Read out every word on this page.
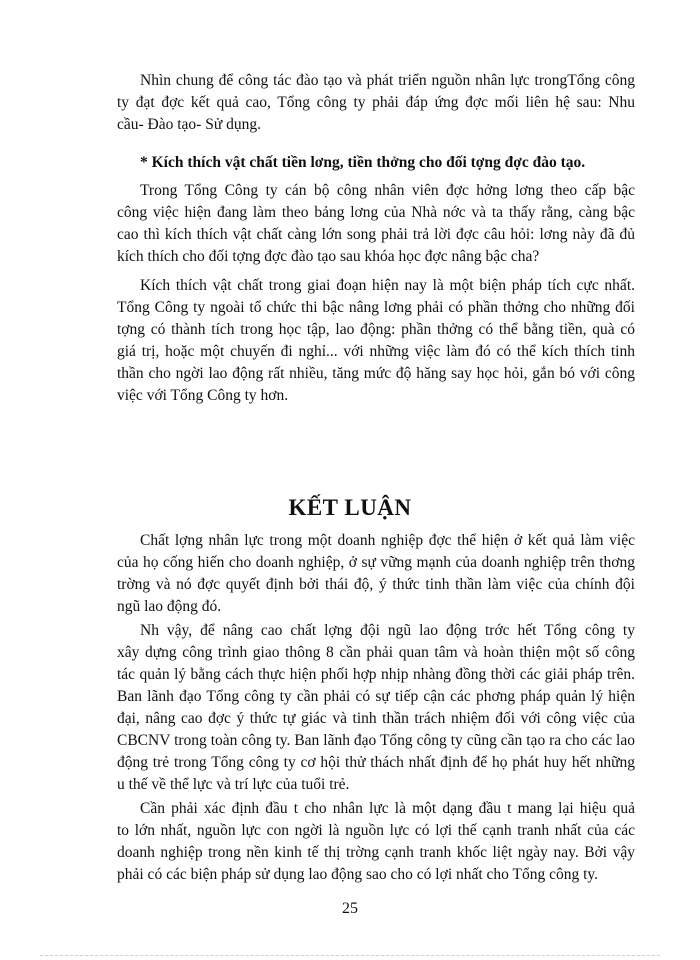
Nhìn chung để công tác đào tạo và phát triển nguồn nhân lực trongTổng công
ty đạt đợc kết quả cao, Tổng công ty phải đáp ứng đợc mối liên hệ sau: Nhu
cầu- Đào tạo- Sử dụng.
* Kích thích vật chất tiền lơng, tiền thởng cho đối tợng đợc đào tạo.
Trong Tổng Công ty cán bộ công nhân viên đợc hởng lơng theo cấp bậc
công việc hiện đang làm theo bảng lơng của Nhà nớc và ta thấy rằng, càng bậc
cao thì kích thích vật chất càng lớn song phải trả lời đợc câu hỏi: lơng này đã đủ
kích thích cho đối tợng đợc đào tạo sau khóa học đợc nâng bậc cha?
Kích thích vật chất trong giai đoạn hiện nay là một biện pháp tích cực nhất.
Tổng Công ty ngoài tổ chức thi bậc nâng lơng phải có phần thởng cho những đối
tợng có thành tích trong học tập, lao động: phần thởng có thể bằng tiền, quà có
giá trị, hoặc một chuyến đi nghỉ... với những việc làm đó có thể kích thích tinh
thần cho ngời lao động rất nhiều, tăng mức độ hăng say học hỏi, gắn bó với công
việc với Tổng Công ty hơn.
KẾT LUẬN
Chất lợng nhân lực trong một doanh nghiệp đợc thể hiện ở kết quả làm việc
của họ cống hiến cho doanh nghiệp, ở sự vững mạnh của doanh nghiệp trên thơng
trờng và nó đợc quyết định bởi thái độ, ý thức tinh thần làm việc của chính đội
ngũ lao động đó.
Nh vậy, để nâng cao chất lợng đội ngũ lao động trớc hết Tổng công ty
xây dựng công trình giao thông 8 cần phải quan tâm và hoàn thiện một số công
tác quản lý bằng cách thực hiện phối hợp nhịp nhàng đồng thời các giải pháp trên.
Ban lãnh đạo Tổng công ty cần phải có sự tiếp cận các phơng pháp quản lý hiện
đại, nâng cao đợc ý thức tự giác và tinh thần trách nhiệm đối với công việc của
CBCNV trong toàn công ty. Ban lãnh đạo Tổng công ty cũng cần tạo ra cho các lao
động trẻ trong Tổng công ty cơ hội thử thách nhất định để họ phát huy hết những
u thế về thể lực và trí lực của tuổi trẻ.
Cần phải xác định đầu t cho nhân lực là một dạng đầu t mang lại hiệu quả
to lớn nhất, nguồn lực con ngời là nguồn lực có lợi thế cạnh tranh nhất của các
doanh nghiệp trong nền kinh tế thị trờng cạnh tranh khốc liệt ngày nay. Bởi vậy
phải có các biện pháp sử dụng lao động sao cho có lợi nhất cho Tổng công ty.
25
